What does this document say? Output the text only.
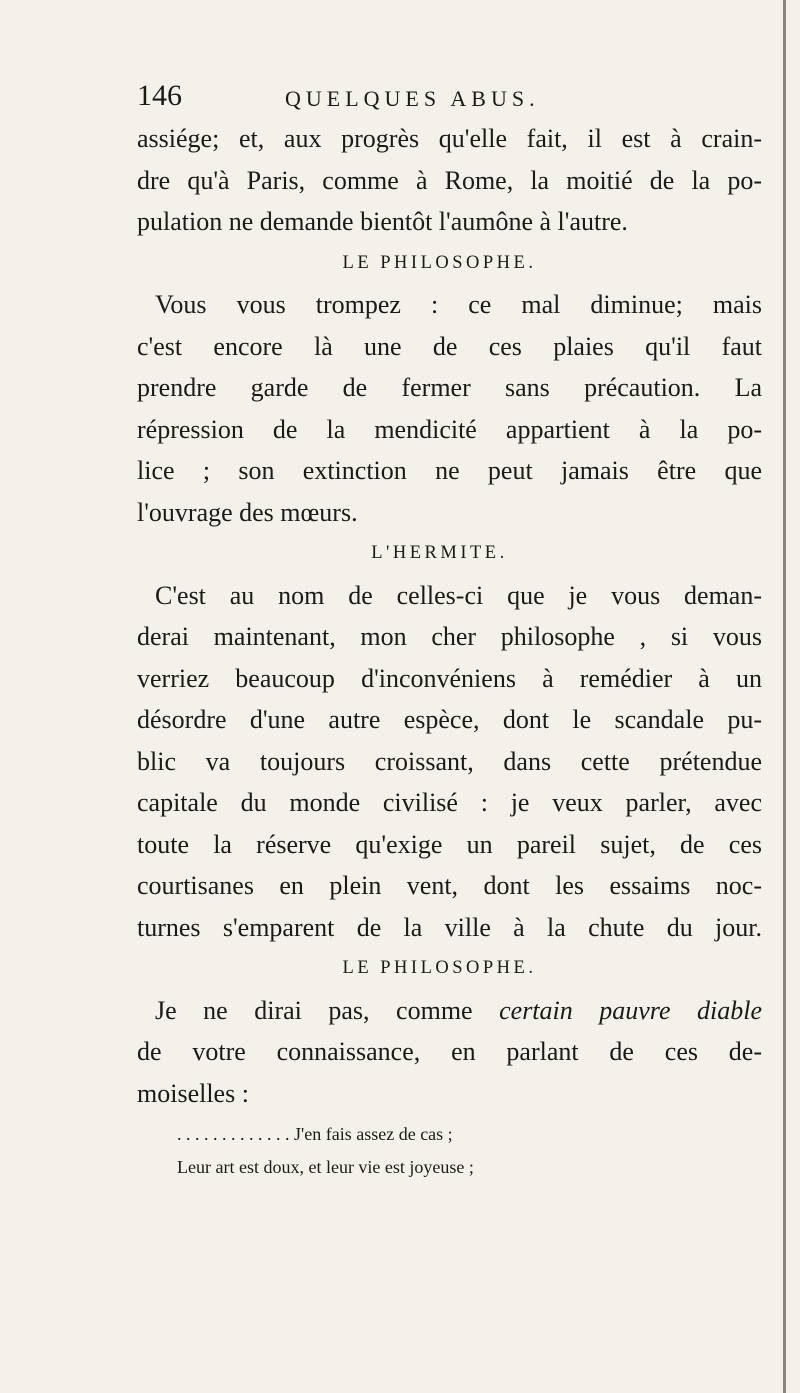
146	QUELQUES ABUS.
assiége; et, aux progrès qu'elle fait, il est à crain-
dre qu'à Paris, comme à Rome, la moitié de la po-
pulation ne demande bientôt l'aumône à l'autre.
LE PHILOSOPHE.
Vous vous trompez : ce mal diminue; mais
c'est encore là une de ces plaies qu'il faut
prendre garde de fermer sans précaution. La
répression de la mendicité appartient à la po-
lice ; son extinction ne peut jamais être que
l'ouvrage des mœurs.
L'HERMITE.
C'est au nom de celles-ci que je vous deman-
derai maintenant, mon cher philosophe , si vous
verriez beaucoup d'inconvéniens à remédier à un
désordre d'une autre espèce, dont le scandale pu-
blic va toujours croissant, dans cette prétendue
capitale du monde civilisé : je veux parler, avec
toute la réserve qu'exige un pareil sujet, de ces
courtisanes en plein vent, dont les essaims noc-
turnes s'emparent de la ville à la chute du jour.
LE PHILOSOPHE.
Je ne dirai pas, comme certain pauvre diable
de votre connaissance, en parlant de ces de-
moiselles :
. . . . . . . . . . . . . J'en fais assez de cas ;
Leur art est doux, et leur vie est joyeuse ;
